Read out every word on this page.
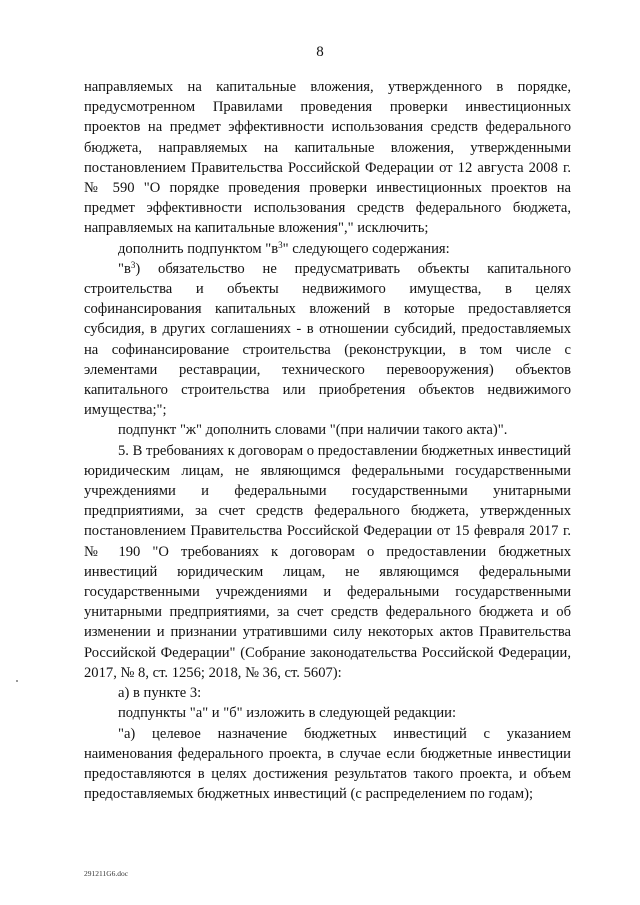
8

направляемых на капитальные вложения, утвержденного в порядке, предусмотренном Правилами проведения проверки инвестиционных проектов на предмет эффективности использования средств федерального бюджета, направляемых на капитальные вложения, утвержденными постановлением Правительства Российской Федерации от 12 августа 2008 г. № 590 "О порядке проведения проверки инвестиционных проектов на предмет эффективности использования средств федерального бюджета, направляемых на капитальные вложения"," исключить;

дополнить подпунктом "$в^3$" следующего содержания:

"$в^3$) обязательство не предусматривать объекты капитального строительства и объекты недвижимого имущества, в целях софинансирования капитальных вложений в которые предоставляется субсидия, в других соглашениях - в отношении субсидий, предоставляемых на софинансирование строительства (реконструкции, в том числе с элементами реставрации, технического перевооружения) объектов капитального строительства или приобретения объектов недвижимого имущества;";

подпункт "ж" дополнить словами "(при наличии такого акта)".

5. В требованиях к договорам о предоставлении бюджетных инвестиций юридическим лицам, не являющимся федеральными государственными учреждениями и федеральными государственными унитарными предприятиями, за счет средств федерального бюджета, утвержденных постановлением Правительства Российской Федерации от 15 февраля 2017 г. № 190 "О требованиях к договорам о предоставлении бюджетных инвестиций юридическим лицам, не являющимся федеральными государственными учреждениями и федеральными государственными унитарными предприятиями, за счет средств федерального бюджета и об изменении и признании утратившими силу некоторых актов Правительства Российской Федерации" (Собрание законодательства Российской Федерации, 2017, № 8, ст. 1256; 2018, № 36, ст. 5607):

а) в пункте 3:

подпункты "а" и "б" изложить в следующей редакции:

"а) целевое назначение бюджетных инвестиций с указанием наименования федерального проекта, в случае если бюджетные инвестиции предоставляются в целях достижения результатов такого проекта, и объем предоставляемых бюджетных инвестиций (с распределением по годам);

291211G6.doc
